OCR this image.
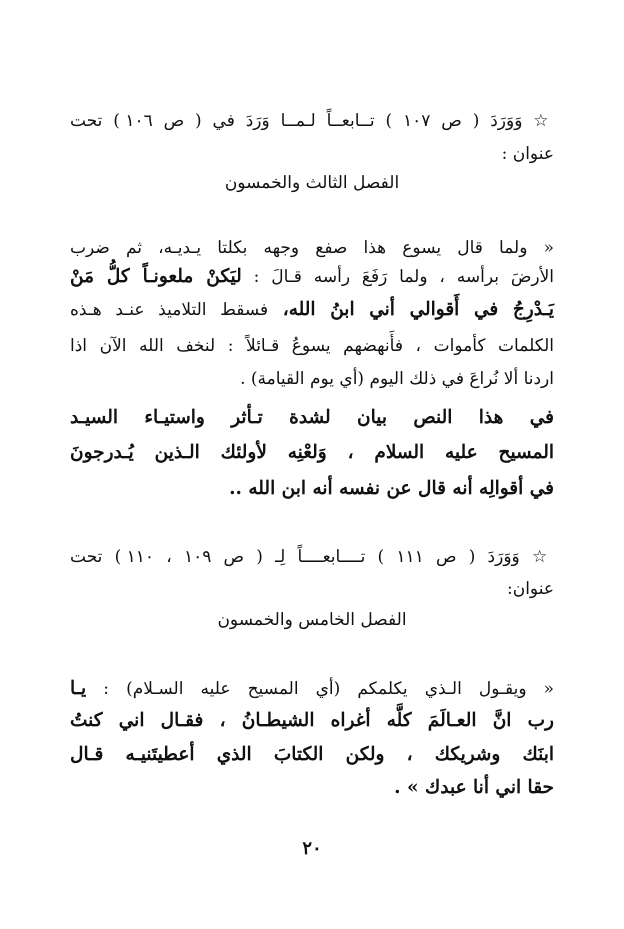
☆ وَوَرَدَ ( ص ١٠٧ ) تــابعــاً لـمــا وَرَدَ في ( ص ١٠٦ ) تحت
عنوان :
الفصل الثالث والخمسون
« ولما قال يسوع هذا صفع وجهه بكلتا يـديـه، ثم ضرب
الأرضَ برأسه ، ولما رَفَعَ رأسه قـالَ : ليَكنْ ملعونـاً كلُّ مَنْ
يَـدْرِجُ في أَقوالي أني ابنُ الله، فسقط التلاميذ عنـد هـذه
الكلمات كأموات ، فأَنهضهم يسوعُ قـائلاً : لنخف الله الآن اذا
اردنا ألا نُراعَ في ذلك اليوم (أي يوم القيامة) .
في هذا النص بيان لشدة تـأثر واستيـاء السيـد
المسيح عليه السلام ، وَلعْنِه لأولئك الـذين يُـدرجونَ
في أقوالِه أنه قال عن نفسه أنه ابن الله ..
☆ وَوَرَدَ ( ص ١١١ ) تــــابعــــاً لِـ ( ص ١٠٩ ، ١١٠ ) تحت
عنوان:
الفصل الخامس والخمسون
« ويقـول الـذي يكلمكم (أي المسيح عليه السـلام) : يـا
رب انَّ العـالَمَ كلَّه أغراه الشيطـانُ ، فقـال اني كنتُ
ابنَك وشريكك ، ولكن الكتابَ الذي أعطيتَنيـه قـال
حقا اني أنا عبدك » .
٢٠
